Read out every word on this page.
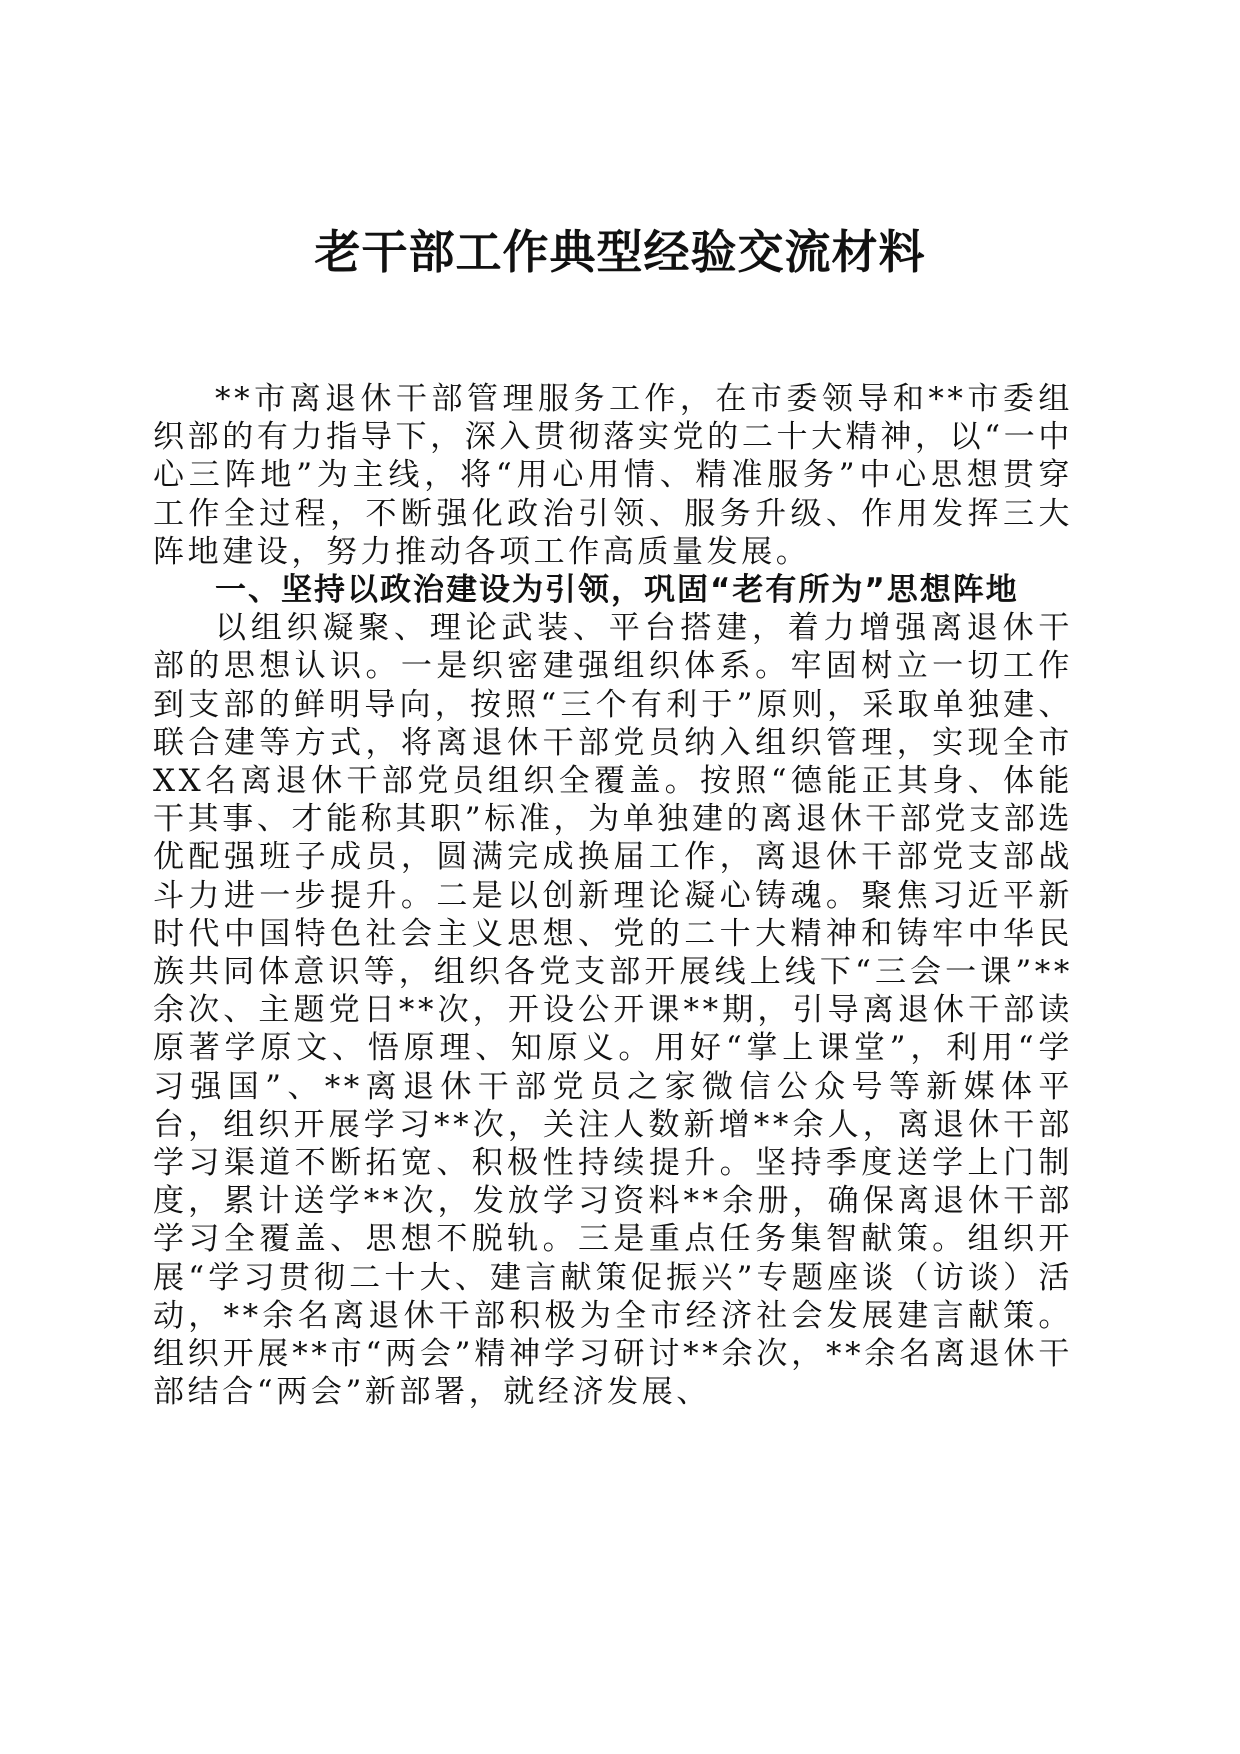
老干部工作典型经验交流材料

**市离退休干部管理服务工作，在市委领导和**市委组织部的有力指导下，深入贯彻落实党的二十大精神，以“一中心三阵地”为主线，将“用心用情、精准服务”中心思想贯穿工作全过程，不断强化政治引领、服务升级、作用发挥三大阵地建设，努力推动各项工作高质量发展。

一、坚持以政治建设为引领，巩固“老有所为”思想阵地

以组织凝聚、理论武装、平台搭建，着力增强离退休干部的思想认识。一是织密建强组织体系。牢固树立一切工作到支部的鲜明导向，按照“三个有利于”原则，采取单独建、联合建等方式，将离退休干部党员纳入组织管理，实现全市XX名离退休干部党员组织全覆盖。按照“德能正其身、体能干其事、才能称其职”标准，为单独建的离退休干部党支部选优配强班子成员，圆满完成换届工作，离退休干部党支部战斗力进一步提升。二是以创新理论凝心铸魂。聚焦习近平新时代中国特色社会主义思想、党的二十大精神和铸牢中华民族共同体意识等，组织各党支部开展线上线下“三会一课”**余次、主题党日**次，开设公开课**期，引导离退休干部读原著学原文、悟原理、知原义。用好“掌上课堂”，利用“学习强国”、**离退休干部党员之家微信公众号等新媒体平台，组织开展学习**次，关注人数新增**余人，离退休干部学习渠道不断拓宽、积极性持续提升。坚持季度送学上门制度，累计送学**次，发放学习资料**余册，确保离退休干部学习全覆盖、思想不脱轨。三是重点任务集智献策。组织开展“学习贯彻二十大、建言献策促振兴”专题座谈（访谈）活动，**余名离退休干部积极为全市经济社会发展建言献策。组织开展**市“两会”精神学习研讨**余次，**余名离退休干部结合“两会”新部署，就经济发展、
